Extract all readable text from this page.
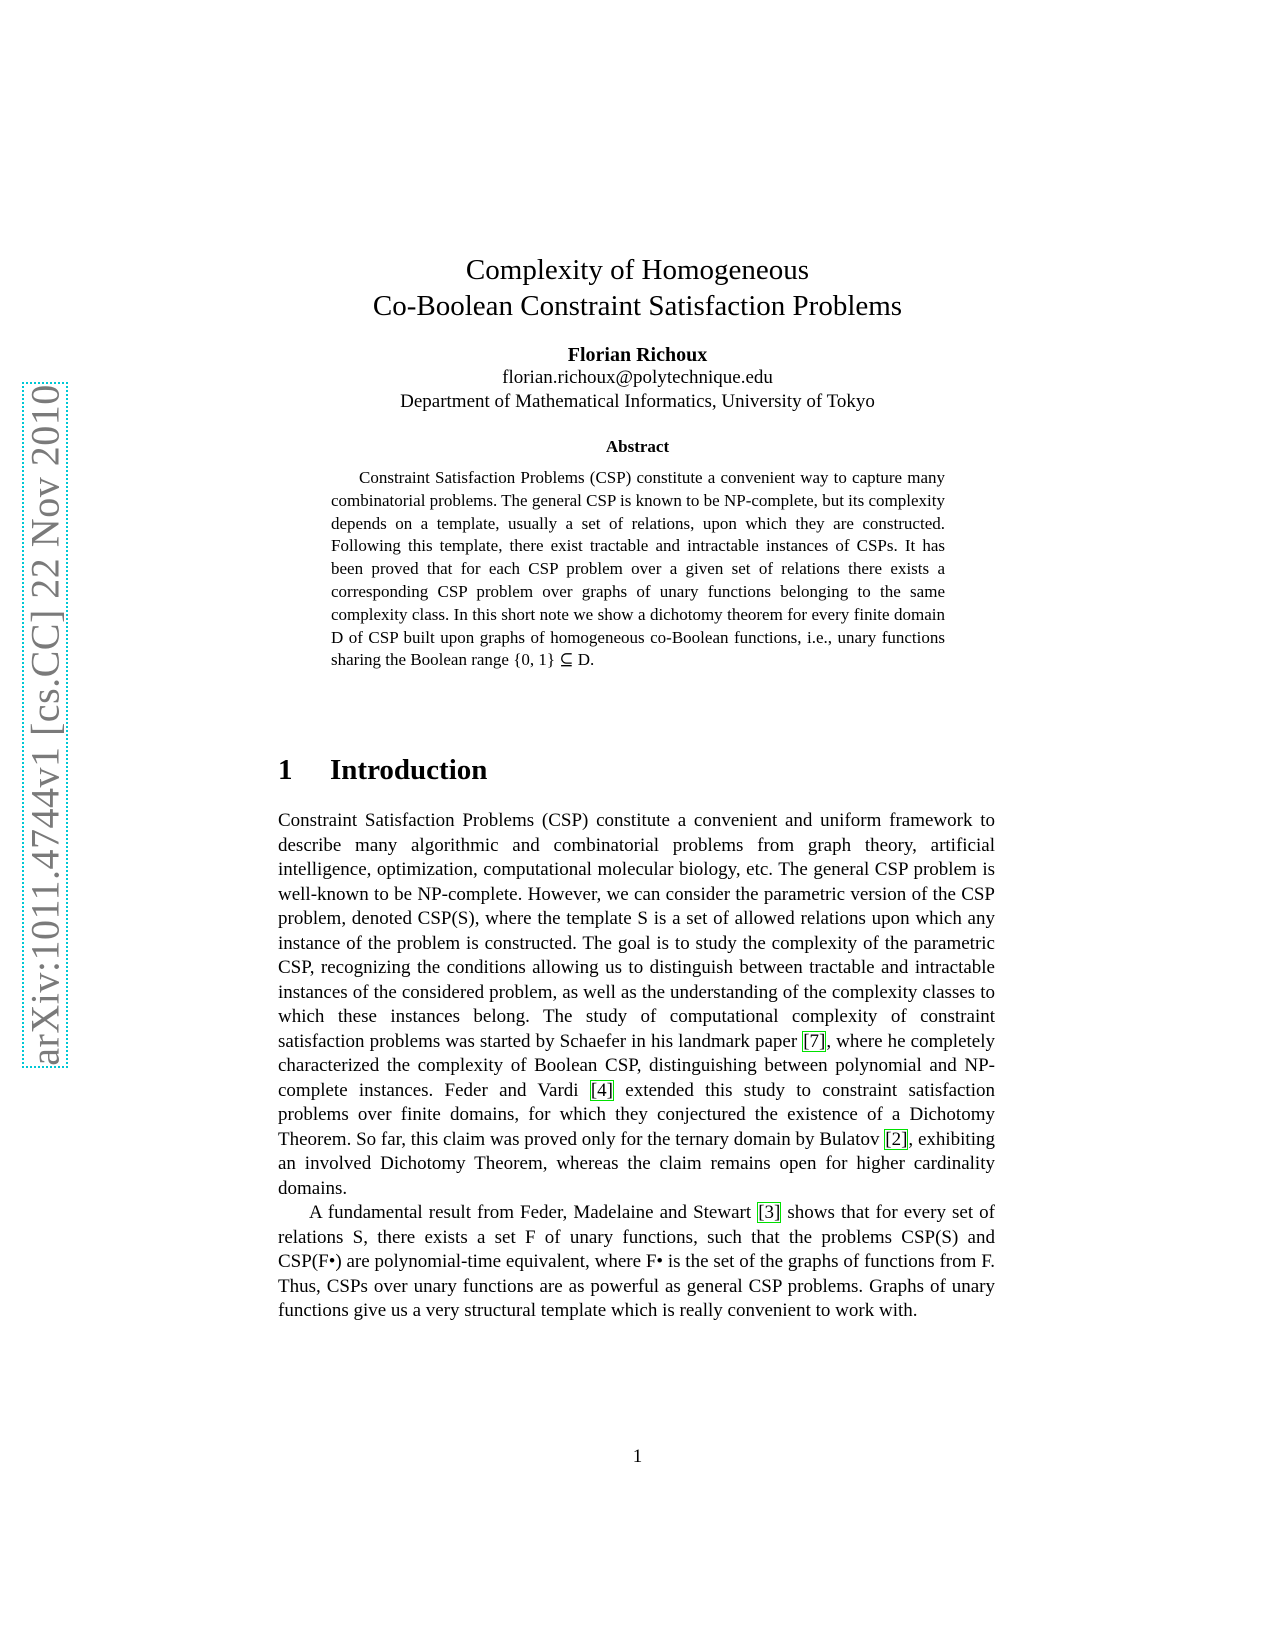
arXiv:1011.4744v1 [cs.CC] 22 Nov 2010
Complexity of Homogeneous
Co-Boolean Constraint Satisfaction Problems
Florian Richoux
florian.richoux@polytechnique.edu
Department of Mathematical Informatics, University of Tokyo
Abstract

Constraint Satisfaction Problems (CSP) constitute a convenient way to capture many combinatorial problems. The general CSP is known to be NP-complete, but its complexity depends on a template, usually a set of relations, upon which they are constructed. Following this template, there exist tractable and intractable instances of CSPs. It has been proved that for each CSP problem over a given set of relations there exists a corresponding CSP problem over graphs of unary functions belonging to the same complexity class. In this short note we show a dichotomy theorem for every finite domain D of CSP built upon graphs of homogeneous co-Boolean functions, i.e., unary functions sharing the Boolean range {0, 1} ⊆ D.

1 Introduction

Constraint Satisfaction Problems (CSP) constitute a convenient and uniform framework to describe many algorithmic and combinatorial problems from graph theory, artificial intelligence, optimization, computational molecular biology, etc. The general CSP problem is well-known to be NP-complete. However, we can consider the parametric version of the CSP problem, denoted CSP(S), where the template S is a set of allowed relations upon which any instance of the problem is constructed. The goal is to study the complexity of the parametric CSP, recognizing the conditions allowing us to distinguish between tractable and intractable instances of the considered problem, as well as the understanding of the complexity classes to which these instances belong. The study of computational complexity of constraint satisfaction problems was started by Schaefer in his landmark paper [7], where he completely characterized the complexity of Boolean CSP, distinguishing between polynomial and NP-complete instances. Feder and Vardi [4] extended this study to constraint satisfaction problems over finite domains, for which they conjectured the existence of a Dichotomy Theorem. So far, this claim was proved only for the ternary domain by Bulatov [2], exhibiting an involved Dichotomy Theorem, whereas the claim remains open for higher cardinality domains.

A fundamental result from Feder, Madelaine and Stewart [3] shows that for every set of relations S, there exists a set F of unary functions, such that the problems CSP(S) and CSP(F•) are polynomial-time equivalent, where F• is the set of the graphs of functions from F. Thus, CSPs over unary functions are as powerful as general CSP problems. Graphs of unary functions give us a very structural template which is really convenient to work with.

1
